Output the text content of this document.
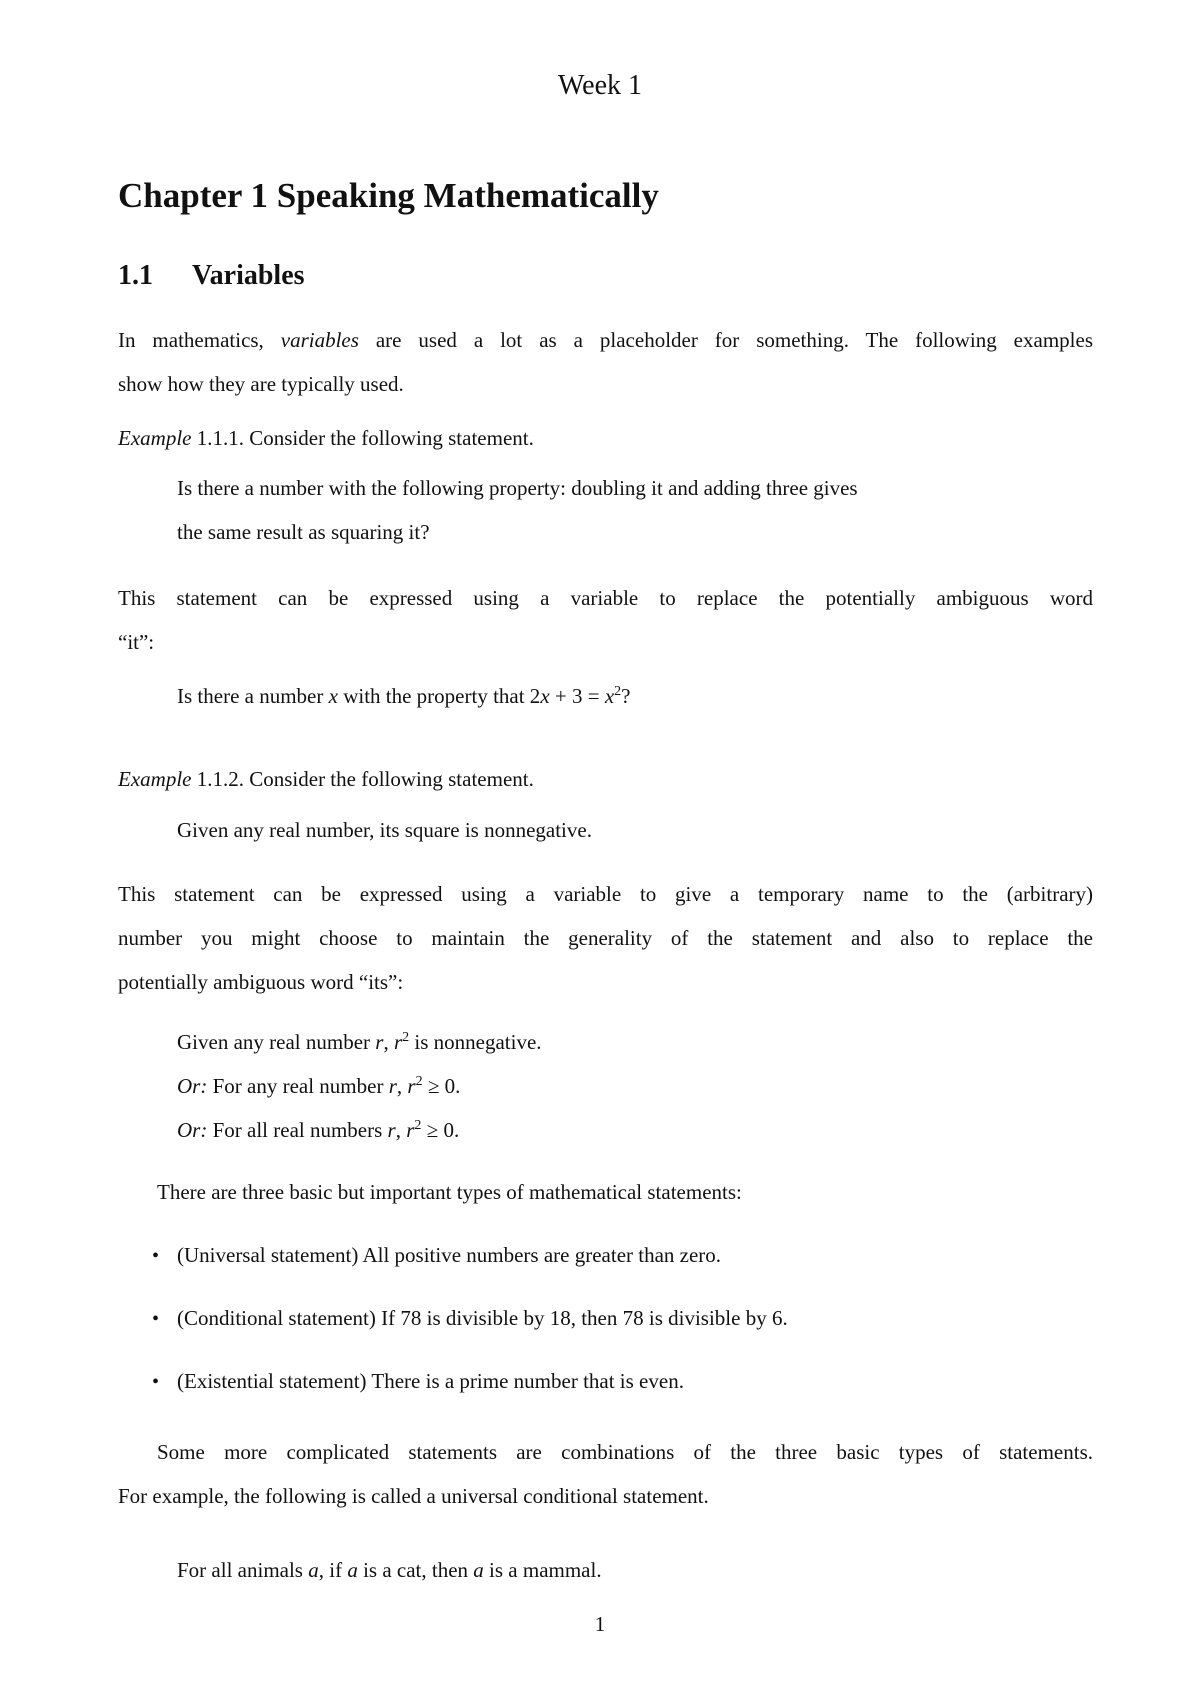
Week 1
Chapter 1 Speaking Mathematically
1.1 Variables
In mathematics, variables are used a lot as a placeholder for something. The following examples
show how they are typically used.
Example 1.1.1. Consider the following statement.
Is there a number with the following property: doubling it and adding three gives
the same result as squaring it?
This statement can be expressed using a variable to replace the potentially ambiguous word
“it”:
Is there a number x with the property that $2x + 3 = x^2$?
Example 1.1.2. Consider the following statement.
Given any real number, its square is nonnegative.
This statement can be expressed using a variable to give a temporary name to the (arbitrary)
number you might choose to maintain the generality of the statement and also to replace the
potentially ambiguous word “its”:
Given any real number r, $r^2$ is nonnegative.
Or: For any real number r, $r^2 \ge 0$.
Or: For all real numbers r, $r^2 \ge 0$.
There are three basic but important types of mathematical statements:
• (Universal statement) All positive numbers are greater than zero.
• (Conditional statement) If 78 is divisible by 18, then 78 is divisible by 6.
• (Existential statement) There is a prime number that is even.
Some more complicated statements are combinations of the three basic types of statements.
For example, the following is called a universal conditional statement.
For all animals a, if a is a cat, then a is a mammal.
1
